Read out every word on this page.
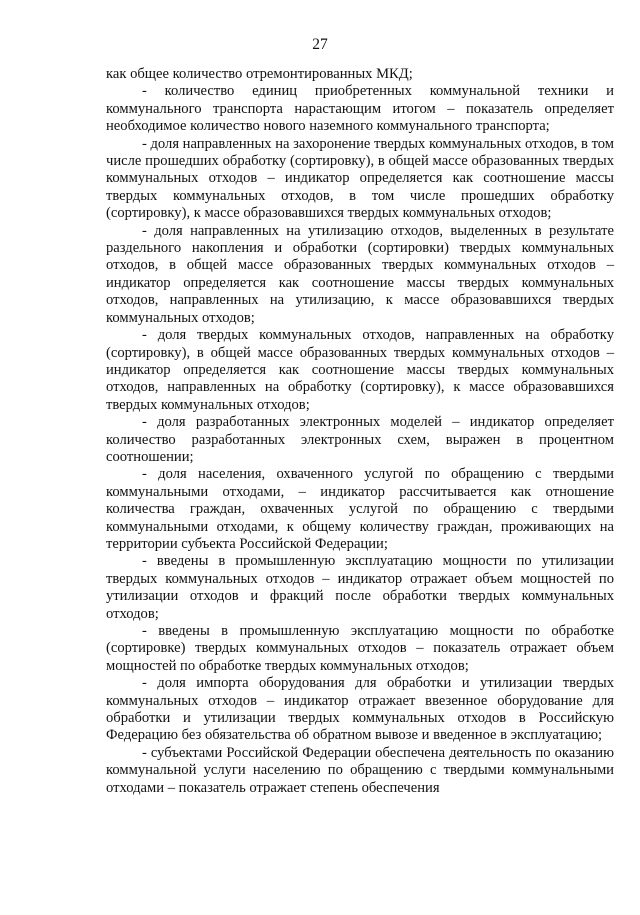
27

как общее количество отремонтированных МКД;

- количество единиц приобретенных коммунальной техники и коммунального транспорта нарастающим итогом – показатель определяет необходимое количество нового наземного коммунального транспорта;

- доля направленных на захоронение твердых коммунальных отходов, в том числе прошедших обработку (сортировку), в общей массе образованных твердых коммунальных отходов – индикатор определяется как соотношение массы твердых коммунальных отходов, в том числе прошедших обработку (сортировку), к массе образовавшихся твердых коммунальных отходов;

- доля направленных на утилизацию отходов, выделенных в результате раздельного накопления и обработки (сортировки) твердых коммунальных отходов, в общей массе образованных твердых коммунальных отходов – индикатор определяется как соотношение массы твердых коммунальных отходов, направленных на утилизацию, к массе образовавшихся твердых коммунальных отходов;

- доля твердых коммунальных отходов, направленных на обработку (сортировку), в общей массе образованных твердых коммунальных отходов – индикатор определяется как соотношение массы твердых коммунальных отходов, направленных на обработку (сортировку), к массе образовавшихся твердых коммунальных отходов;

- доля разработанных электронных моделей – индикатор определяет количество разработанных электронных схем, выражен в процентном соотношении;

- доля населения, охваченного услугой по обращению с твердыми коммунальными отходами, – индикатор рассчитывается как отношение количества граждан, охваченных услугой по обращению с твердыми коммунальными отходами, к общему количеству граждан, проживающих на территории субъекта Российской Федерации;

- введены в промышленную эксплуатацию мощности по утилизации твердых коммунальных отходов – индикатор отражает объем мощностей по утилизации отходов и фракций после обработки твердых коммунальных отходов;

- введены в промышленную эксплуатацию мощности по обработке (сортировке) твердых коммунальных отходов – показатель отражает объем мощностей по обработке твердых коммунальных отходов;

- доля импорта оборудования для обработки и утилизации твердых коммунальных отходов – индикатор отражает ввезенное оборудование для обработки и утилизации твердых коммунальных отходов в Российскую Федерацию без обязательства об обратном вывозе и введенное в эксплуатацию;

- субъектами Российской Федерации обеспечена деятельность по оказанию коммунальной услуги населению по обращению с твердыми коммунальными отходами – показатель отражает степень обеспечения
